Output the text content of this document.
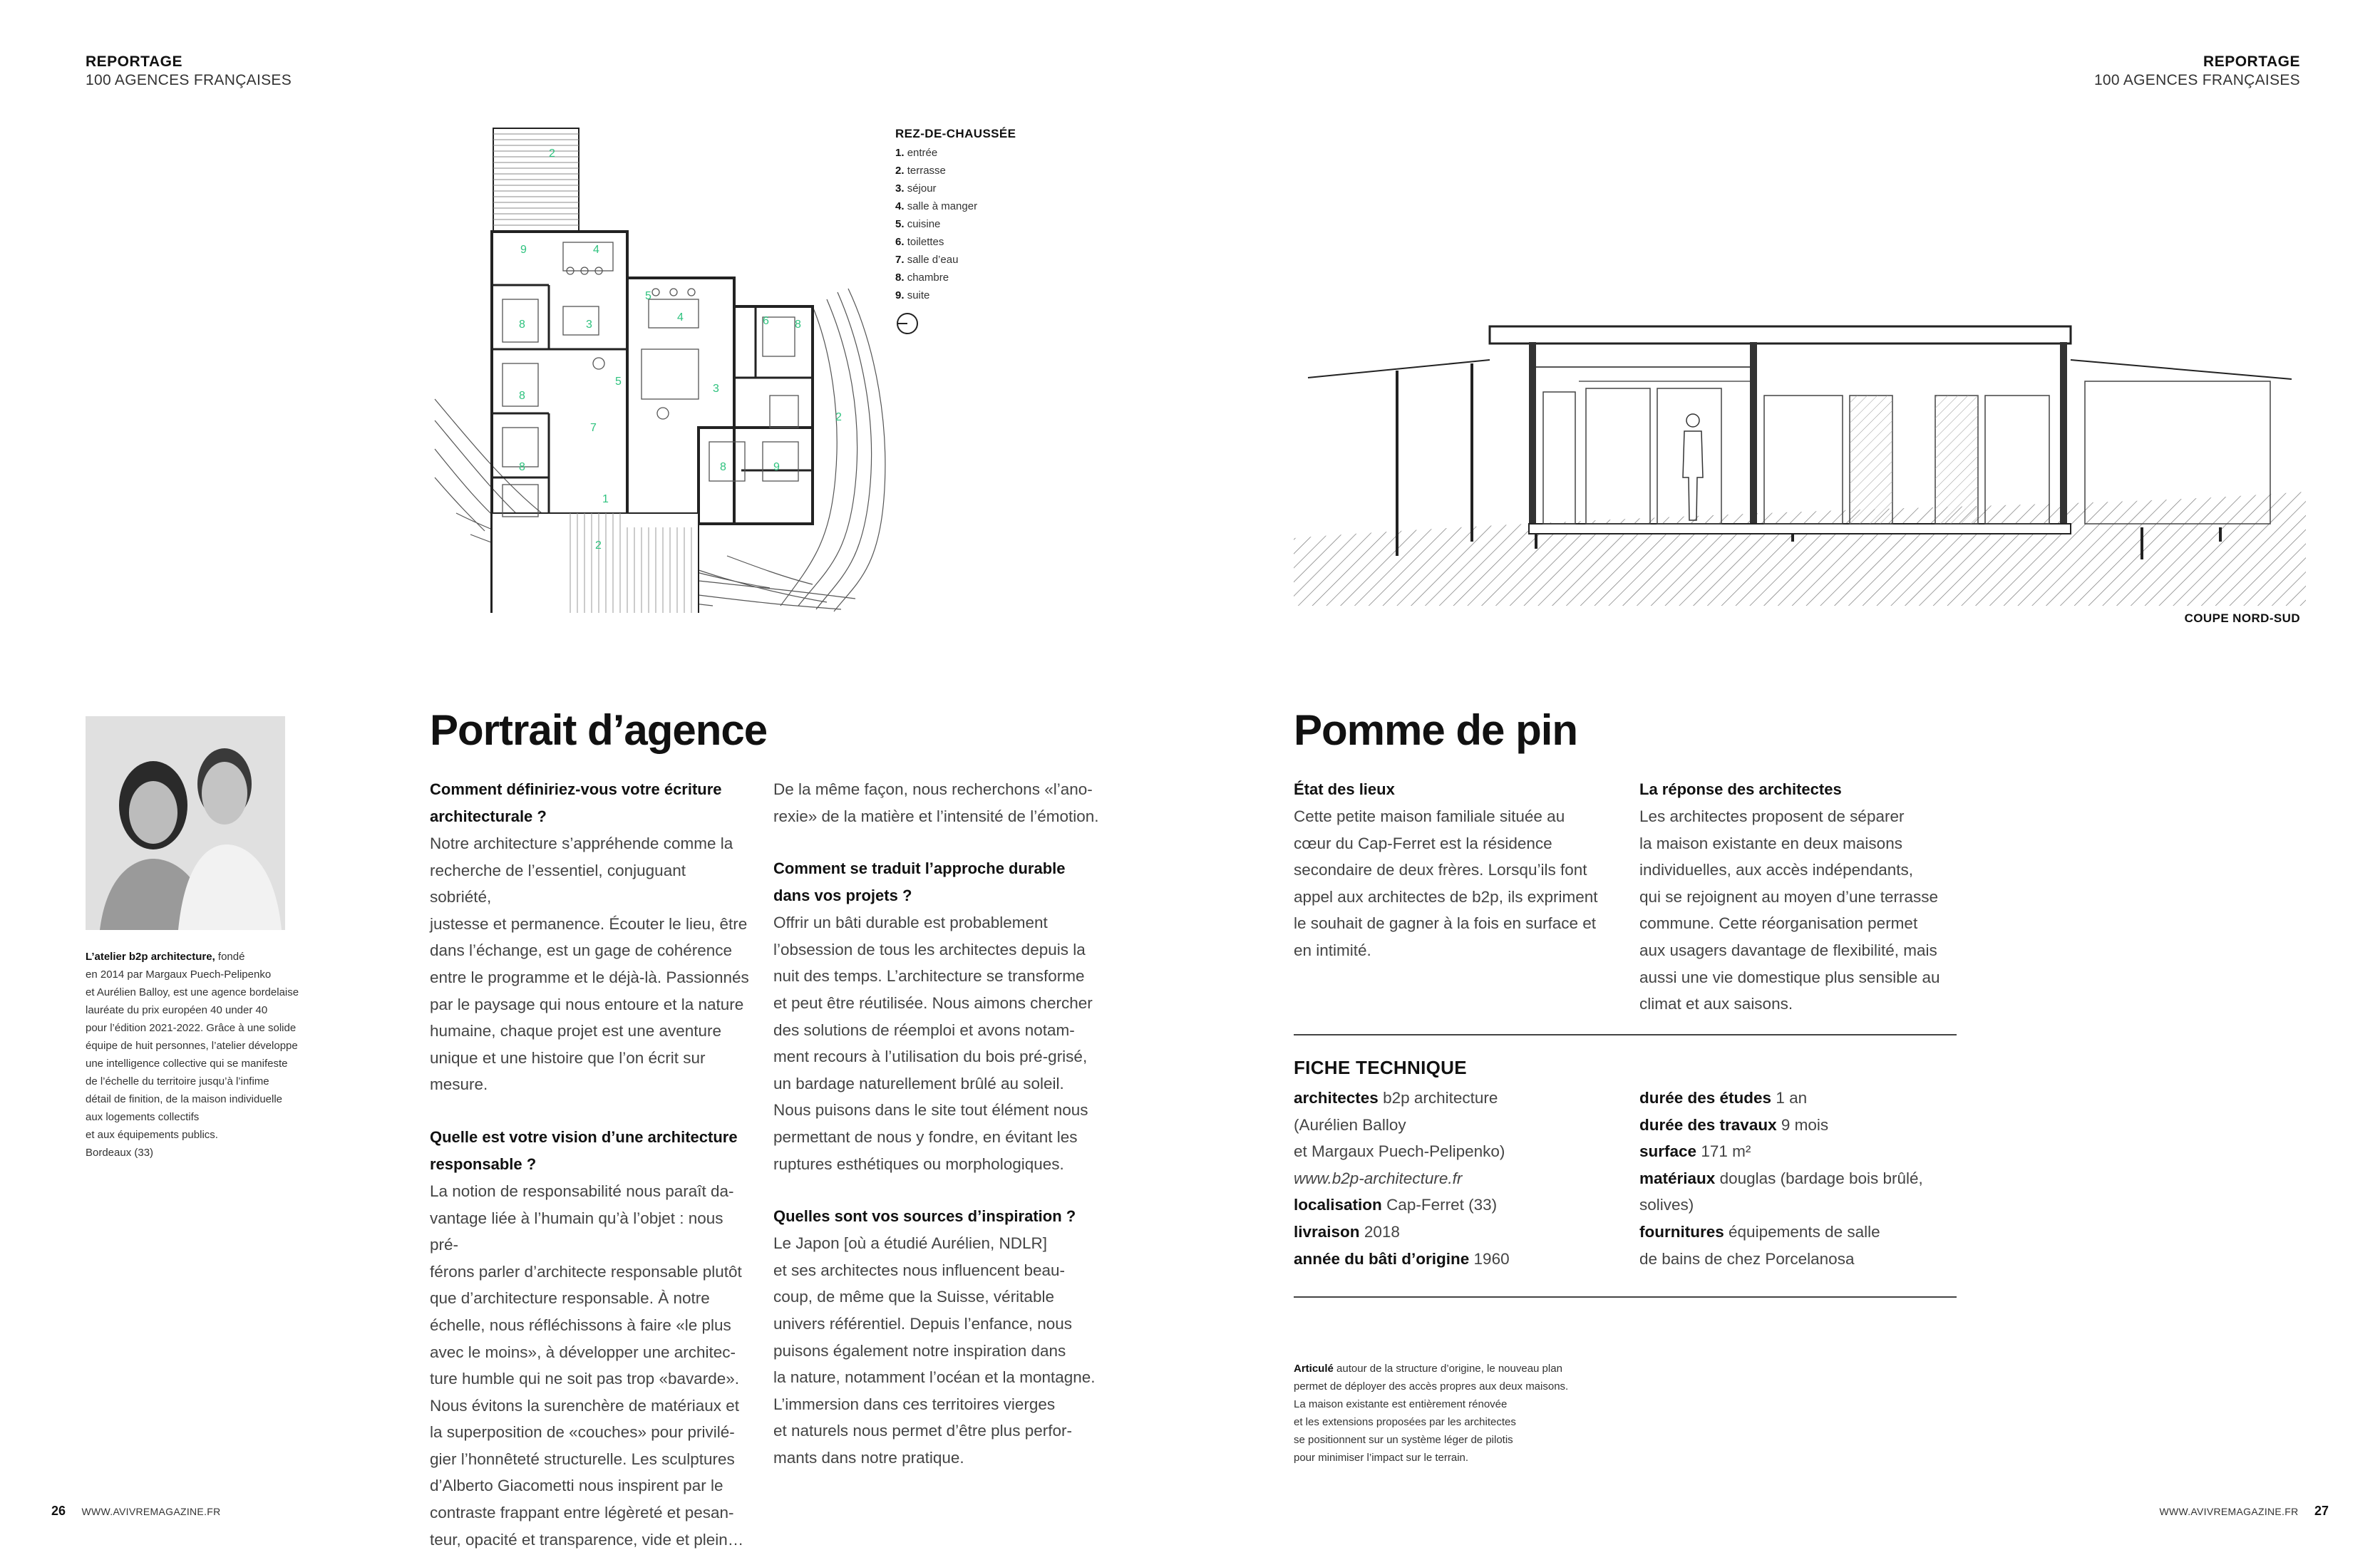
REPORTAGE
100 AGENCES FRANÇAISES
REPORTAGE
100 AGENCES FRANÇAISES
9	4
3
8
5
4
3
5
8
8
7
6 8
8	9
1
2
2
2
REZ-DE-CHAUSSÉE
1. entrée
2. terrasse
3. séjour
4. salle à manger
5. cuisine
6. toilettes
7. salle d’eau
8. chambre
9. suite
COUPE NORD-SUD
L’atelier b2p architecture, fondé
en 2014 par Margaux Puech-Pelipenko
et Aurélien Balloy, est une agence bordelaise
lauréate du prix européen 40 under 40
pour l’édition 2021-2022. Grâce à une solide
équipe de huit personnes, l’atelier développe
une intelligence collective qui se manifeste
de l’échelle du territoire jusqu’à l’infime
détail de finition, de la maison individuelle
aux logements collectifs
et aux équipements publics.
Bordeaux (33)
Portrait d’agence
Comment définiriez-vous votre écriture
architecturale ?
Notre architecture s’appréhende comme la
recherche de l’essentiel, conjuguant sobriété,
justesse et permanence. Écouter le lieu, être
dans l’échange, est un gage de cohérence
entre le programme et le déjà-là. Passionnés
par le paysage qui nous entoure et la nature
humaine, chaque projet est une aventure
unique et une histoire que l’on écrit sur mesure.
Quelle est votre vision d’une architecture
responsable ?
La notion de responsabilité nous paraît da-
vantage liée à l’humain qu’à l’objet : nous pré-
férons parler d’architecte responsable plutôt
que d’architecture responsable. À notre
échelle, nous réfléchissons à faire «le plus
avec le moins», à développer une architec-
ture humble qui ne soit pas trop «bavarde».
Nous évitons la surenchère de matériaux et
la superposition de «couches» pour privilé-
gier l’honnêteté structurelle. Les sculptures
d’Alberto Giacometti nous inspirent par le
contraste frappant entre légèreté et pesan-
teur, opacité et transparence, vide et plein…
De la même façon, nous recherchons «l’ano-
rexie» de la matière et l’intensité de l’émotion.
Comment se traduit l’approche durable
dans vos projets ?
Offrir un bâti durable est probablement
l’obsession de tous les architectes depuis la
nuit des temps. L’architecture se transforme
et peut être réutilisée. Nous aimons chercher
des solutions de réemploi et avons notam-
ment recours à l’utilisation du bois pré-grisé,
un bardage naturellement brûlé au soleil.
Nous puisons dans le site tout élément nous
permettant de nous y fondre, en évitant les
ruptures esthétiques ou morphologiques.
Quelles sont vos sources d’inspiration ?
Le Japon [où a étudié Aurélien, NDLR]
et ses architectes nous influencent beau-
coup, de même que la Suisse, véritable
univers référentiel. Depuis l’enfance, nous
puisons également notre inspiration dans
la nature, notamment l’océan et la montagne.
L’immersion dans ces territoires vierges
et naturels nous permet d’être plus perfor-
mants dans notre pratique.
Pomme de pin
État des lieux
Cette petite maison familiale située au
cœur du Cap-Ferret est la résidence
secondaire de deux frères. Lorsqu’ils font
appel aux architectes de b2p, ils expriment
le souhait de gagner à la fois en surface et
en intimité.
La réponse des architectes
Les architectes proposent de séparer
la maison existante en deux maisons
individuelles, aux accès indépendants,
qui se rejoignent au moyen d’une terrasse
commune. Cette réorganisation permet
aux usagers davantage de flexibilité, mais
aussi une vie domestique plus sensible au
climat et aux saisons.
FICHE TECHNIQUE
architectes b2p architecture
(Aurélien Balloy
et Margaux Puech-Pelipenko)
www.b2p-architecture.fr
localisation Cap-Ferret (33)
livraison 2018
année du bâti d’origine 1960
durée des études 1 an
durée des travaux 9 mois
surface 171 m²
matériaux douglas (bardage bois brûlé,
solives)
fournitures équipements de salle
de bains de chez Porcelanosa
Articulé autour de la structure d’origine, le nouveau plan
permet de déployer des accès propres aux deux maisons.
La maison existante est entièrement rénovée
et les extensions proposées par les architectes
se positionnent sur un système léger de pilotis
pour minimiser l’impact sur le terrain.
26 WWW.AVIVREMAGAZINE.FR	WWW.AVIVREMAGAZINE.FR 27
